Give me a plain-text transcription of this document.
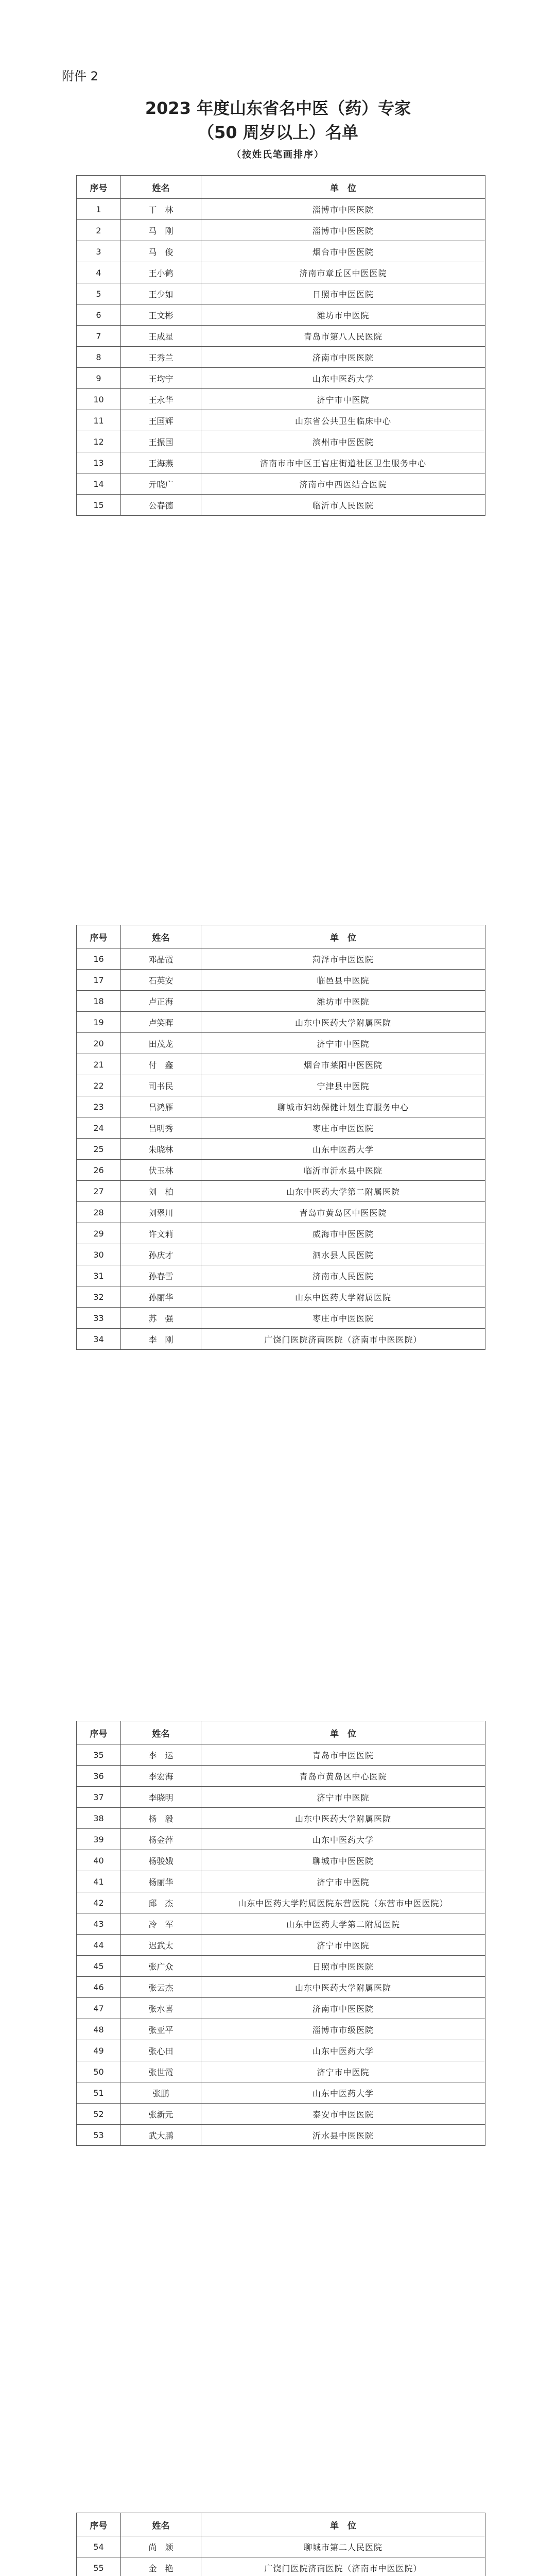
附件 2
2023 年度山东省名中医（药）专家
（50 周岁以上）名单
（按姓氏笔画排序）
序号	姓名	单　位
1	丁　林	淄博市中医医院
2	马　刚	淄博市中医医院
3	马　俊	烟台市中医医院
4	王小鹤	济南市章丘区中医医院
5	王少如	日照市中医医院
6	王文彬	潍坊市中医院
7	王成星	青岛市第八人民医院
8	王秀兰	济南市中医医院
9	王均宁	山东中医药大学
10	王永华	济宁市中医院
11	王国辉	山东省公共卫生临床中心
12	王振国	滨州市中医医院
13	王海燕	济南市市中区王官庄街道社区卫生服务中心
14	亓晓广	济南市中西医结合医院
15	公春德	临沂市人民医院
序号	姓名	单　位
16	邓晶霞	菏泽市中医医院
17	石英安	临邑县中医院
18	卢正海	潍坊市中医院
19	卢笑晖	山东中医药大学附属医院
20	田茂龙	济宁市中医院
21	付　鑫	烟台市莱阳中医医院
22	司书民	宁津县中医院
23	吕鸿雁	聊城市妇幼保健计划生育服务中心
24	吕明秀	枣庄市中医医院
25	朱晓林	山东中医药大学
26	伏玉林	临沂市沂水县中医院
27	刘　柏	山东中医药大学第二附属医院
28	刘翠川	青岛市黄岛区中医医院
29	许文莉	威海市中医医院
30	孙庆才	泗水县人民医院
31	孙春雪	济南市人民医院
32	孙丽华	山东中医药大学附属医院
33	苏　强	枣庄市中医医院
34	李　刚	广饶门医院济南医院（济南市中医医院）
序号	姓名	单　位
35	李　运	青岛市中医医院
36	李宏海	青岛市黄岛区中心医院
37	李晓明	济宁市中医院
38	杨　毅	山东中医药大学附属医院
39	杨金萍	山东中医药大学
40	杨骏娥	聊城市中医医院
41	杨丽华	济宁市中医院
42	邱　杰	山东中医药大学附属医院东营医院（东营市中医医院）
43	冷　军	山东中医药大学第二附属医院
44	迟武太	济宁市中医院
45	张广众	日照市中医医院
46	张云杰	山东中医药大学附属医院
47	张水喜	济南市中医医院
48	张亚平	淄博市市级医院
49	张心田	山东中医药大学
50	张世霞	济宁市中医院
51	张鹏	山东中医药大学
52	张新元	泰安市中医医院
53	武大鹏	沂水县中医医院
序号	姓名	单　位
54	尚　颖	聊城市第二人民医院
55	金　艳	广饶门医院济南医院（济南市中医医院）
